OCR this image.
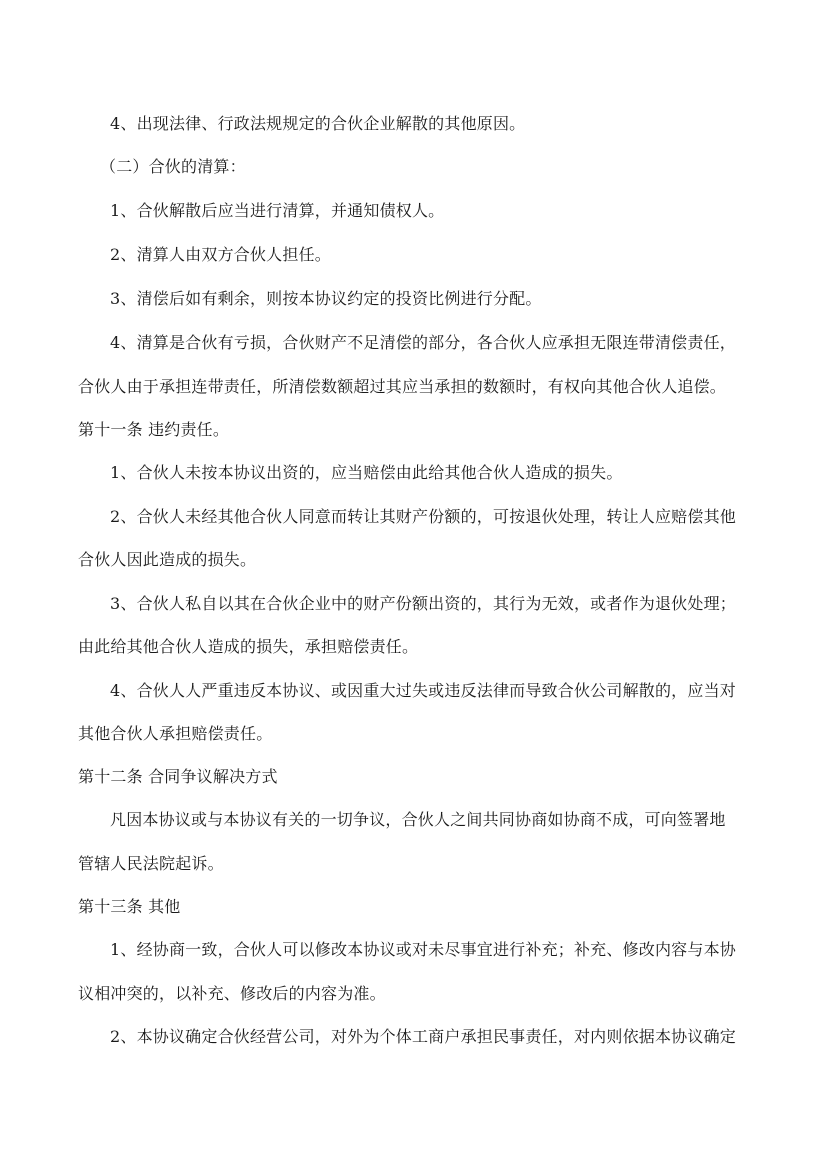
4、出现法律、行政法规规定的合伙企业解散的其他原因。

（二）合伙的清算：

1、合伙解散后应当进行清算，并通知债权人。

2、清算人由双方合伙人担任。

3、清偿后如有剩余，则按本协议约定的投资比例进行分配。

4、清算是合伙有亏损，合伙财产不足清偿的部分，各合伙人应承担无限连带清偿责任，

合伙人由于承担连带责任，所清偿数额超过其应当承担的数额时，有权向其他合伙人追偿。

第十一条 违约责任。

1、合伙人未按本协议出资的，应当赔偿由此给其他合伙人造成的损失。

2、合伙人未经其他合伙人同意而转让其财产份额的，可按退伙处理，转让人应赔偿其他

合伙人因此造成的损失。

3、合伙人私自以其在合伙企业中的财产份额出资的，其行为无效，或者作为退伙处理；

由此给其他合伙人造成的损失，承担赔偿责任。

4、合伙人人严重违反本协议、或因重大过失或违反法律而导致合伙公司解散的，应当对

其他合伙人承担赔偿责任。

第十二条 合同争议解决方式

凡因本协议或与本协议有关的一切争议，合伙人之间共同协商如协商不成，可向签署地

管辖人民法院起诉。

第十三条 其他

1、经协商一致，合伙人可以修改本协议或对未尽事宜进行补充；补充、修改内容与本协

议相冲突的，以补充、修改后的内容为准。

2、本协议确定合伙经营公司，对外为个体工商户承担民事责任，对内则依据本协议确定
